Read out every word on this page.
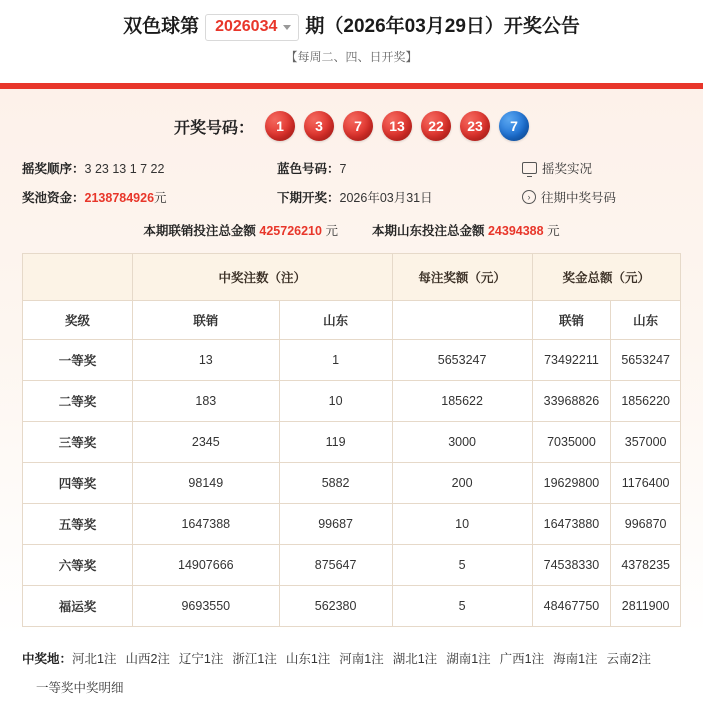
双色球第 2026034 期（2026年03月29日）开奖公告
【每周二、四、日开奖】
开奖号码：	1	3	7	13	22	23	7
摇奖顺序：3 23 13 1 7 22	蓝色号码：7	摇奖实况
奖池资金：2138784926元	下期开奖：2026年03月31日	› 往期中奖号码
本期联销投注总金额 425726210 元	本期山东投注总金额 24394388 元
	中奖注数（注）		每注奖额（元）	奖金总额（元）	
奖级	联销	山东		联销	山东
一等奖	13	1	5653247	73492211	5653247
二等奖	183	10	185622	33968826	1856220
三等奖	2345	119	3000	7035000	357000
四等奖	98149	5882	200	19629800	1176400
五等奖	1647388	99687	10	16473880	996870
六等奖	14907666	875647	5	74538330	4378235
福运奖	9693550	562380	5	48467750	2811900
中奖地：河北1注 山西2注 辽宁1注 浙江1注 山东1注 河南1注 湖北1注 湖南1注 广西1注 海南1注 云南2注
一等奖中奖明细
